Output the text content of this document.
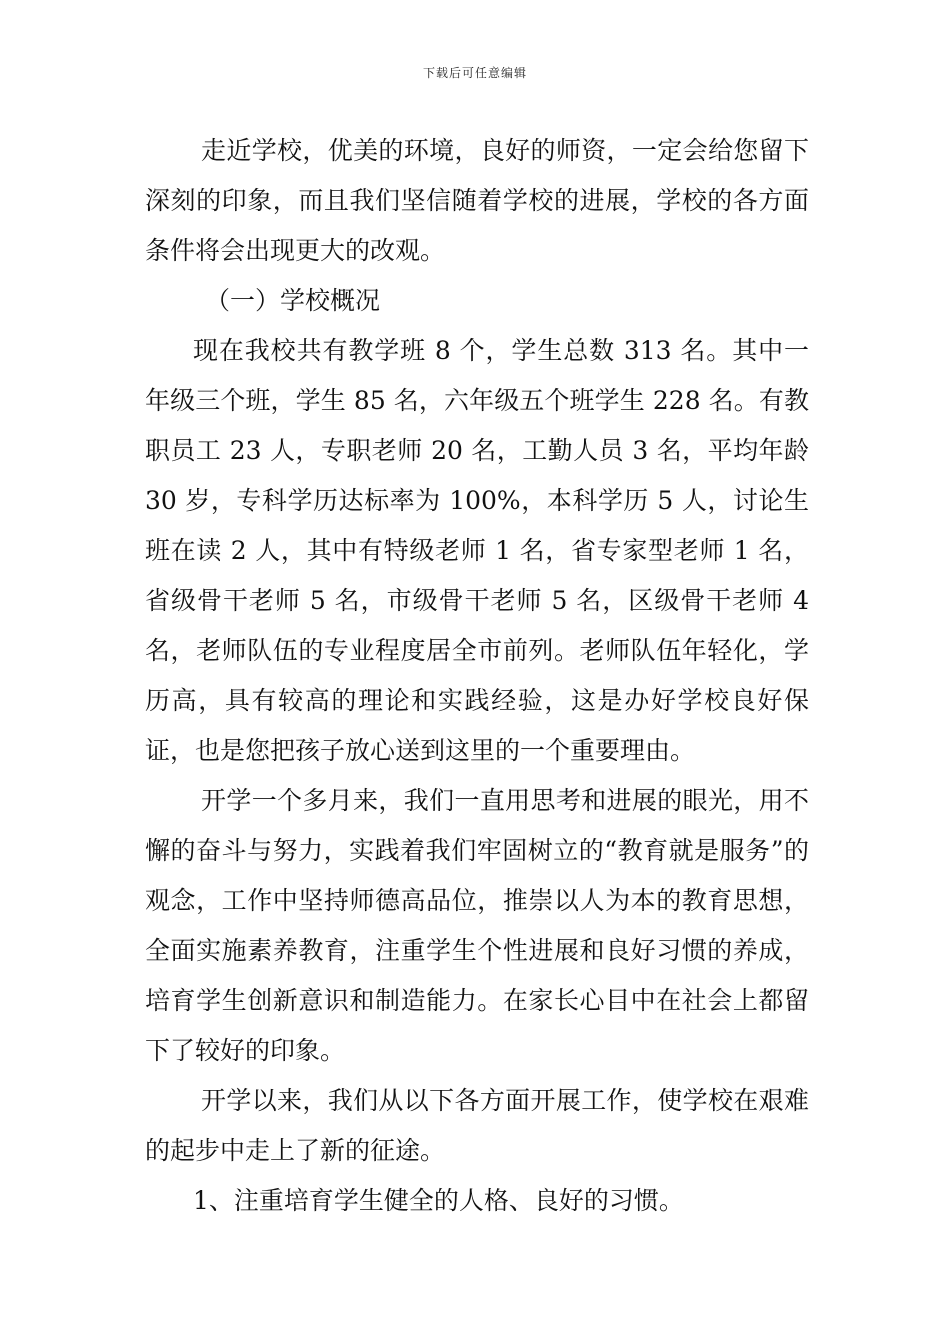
下载后可任意编辑

走近学校，优美的环境，良好的师资，一定会给您留下深刻的印象，而且我们坚信随着学校的进展，学校的各方面条件将会出现更大的改观。

（一）学校概况

现在我校共有教学班 8 个，学生总数 313 名。其中一年级三个班，学生 85 名，六年级五个班学生 228 名。有教职员工 23 人，专职老师 20 名，工勤人员 3 名，平均年龄 30 岁，专科学历达标率为 100%，本科学历 5 人，讨论生班在读 2 人，其中有特级老师 1 名，省专家型老师 1 名，省级骨干老师 5 名，市级骨干老师 5 名，区级骨干老师 4 名，老师队伍的专业程度居全市前列。老师队伍年轻化，学历高，具有较高的理论和实践经验，这是办好学校良好保证，也是您把孩子放心送到这里的一个重要理由。

开学一个多月来，我们一直用思考和进展的眼光，用不懈的奋斗与努力，实践着我们牢固树立的“教育就是服务”的观念，工作中坚持师德高品位，推崇以人为本的教育思想，全面实施素养教育，注重学生个性进展和良好习惯的养成，培育学生创新意识和制造能力。在家长心目中在社会上都留下了较好的印象。

开学以来，我们从以下各方面开展工作，使学校在艰难的起步中走上了新的征途。

1、注重培育学生健全的人格、良好的习惯。
